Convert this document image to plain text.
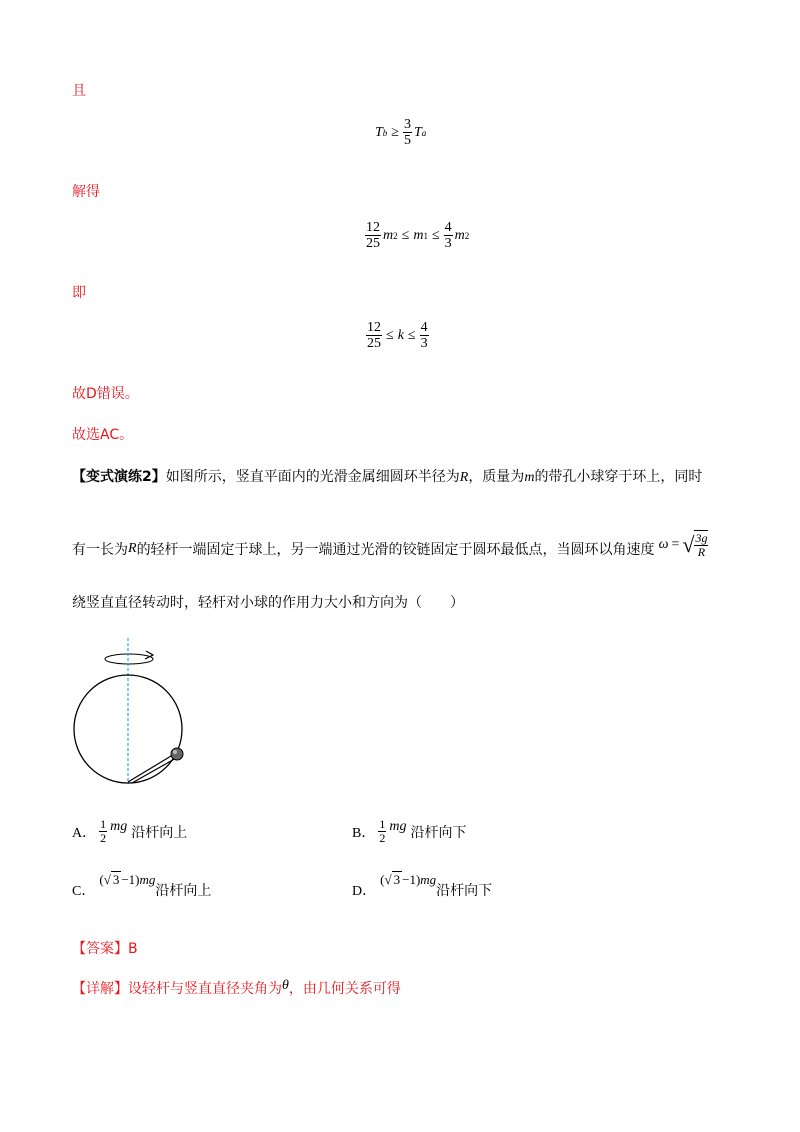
且
T $b \ge \frac{3}{5}$ T a
解得
$\frac{12}{25}$ m 2 ≤ m $1 \le \frac{4}{3}$ m 2
即
$\frac{12}{25} \le k \le \frac{4}{3}$
故D错误。
故选AC。
【变式演练2】如图所示，竖直平面内的光滑金属细圆环半径为R，质量为m的带孔小球穿于环上，同时
有一长为 R 的轻杆一端固定于球上，另一端通过光滑的铰链固定于圆环最低点，当圆环以角速度 ω = √ $\frac{3g}{R}$
绕竖直直径转动时，轻杆对小球的作用力大小和方向为（　　）
A． $\frac{1}{2}$ mg 沿杆向上	B． $\frac{1}{2}$ mg 沿杆向下
C．
(√ 3 −1)mg
沿杆向上	D．
(√ 3 −1)mg
沿杆向下
【答案】B
【详解】设轻杆与竖直直径夹角为θ，由几何关系可得
